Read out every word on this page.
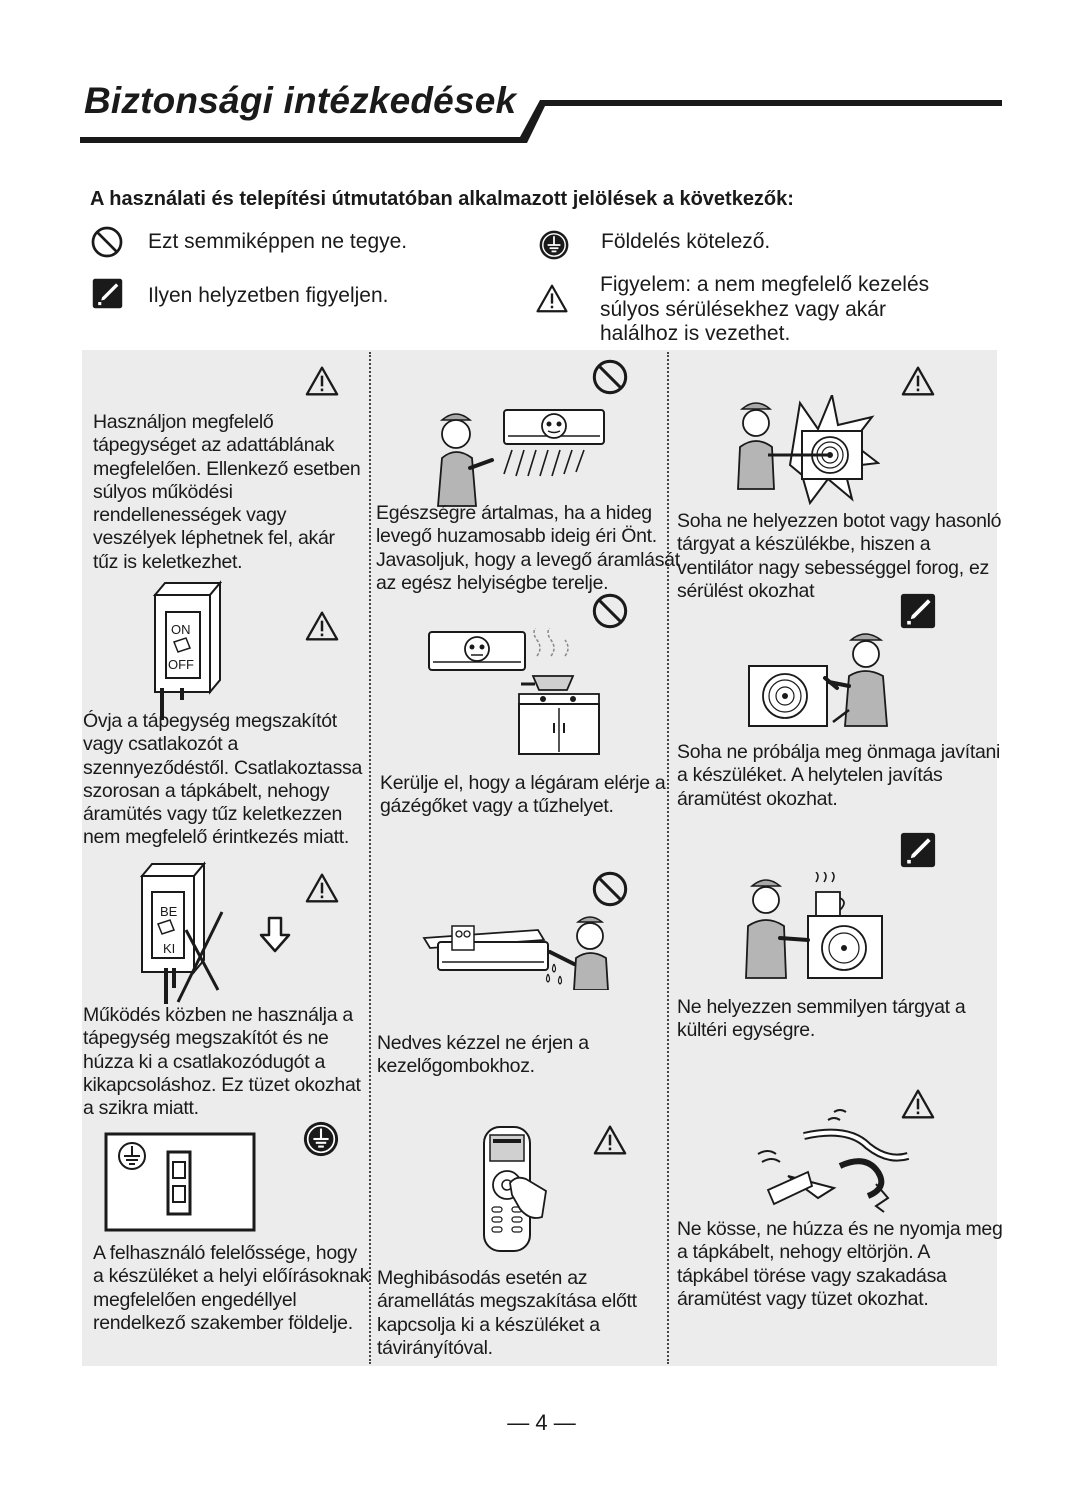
Biztonsági intézkedések
A használati és telepítési útmutatóban alkalmazott jelölések a következők:
Ezt semmiképpen ne tegye.	Földelés kötelező.
Ilyen helyzetben figyeljen.	Figyelem: a nem megfelelő kezelés
súlyos sérülésekhez vagy akár
halálhoz is vezethet.
Használjon megfelelő
tápegységet az adattáblának
megfelelően. Ellenkező esetben
súlyos működési
rendellenességek vagy
veszélyek léphetnek fel, akár
tűz is keletkezhet.
ON
OFF
Óvja a tápegység megszakítót
vagy csatlakozót a
szennyeződéstől. Csatlakoztassa
szorosan a tápkábelt, nehogy
áramütés vagy tűz keletkezzen
nem megfelelő érintkezés miatt.
BE
KI
Működés közben ne használja a
tápegység megszakítót és ne
húzza ki a csatlakozódugót a
kikapcsoláshoz. Ez tüzet okozhat
a szikra miatt.
A felhasználó felelőssége, hogy
a készüléket a helyi előírásoknak
megfelelően engedéllyel
rendelkező szakember földelje.
Egészségre ártalmas, ha a hideg
levegő huzamosabb ideig éri Önt.
Javasoljuk, hogy a levegő áramlását
az egész helyiségbe terelje.
Kerülje el, hogy a légáram elérje a
gázégőket vagy a tűzhelyet.
Nedves kézzel ne érjen a
kezelőgombokhoz.
Meghibásodás esetén az
áramellátás megszakítása előtt
kapcsolja ki a készüléket a
távirányítóval.
Soha ne helyezzen botot vagy hasonló
tárgyat a készülékbe, hiszen a
ventilátor nagy sebességgel forog, ez
sérülést okozhat
Soha ne próbálja meg önmaga javítani
a készüléket. A helytelen javítás
áramütést okozhat.
Ne helyezzen semmilyen tárgyat a
kültéri egységre.
Ne kösse, ne húzza és ne nyomja meg
a tápkábelt, nehogy eltörjön. A
tápkábel törése vagy szakadása
áramütést vagy tüzet okozhat.
— 4 —
